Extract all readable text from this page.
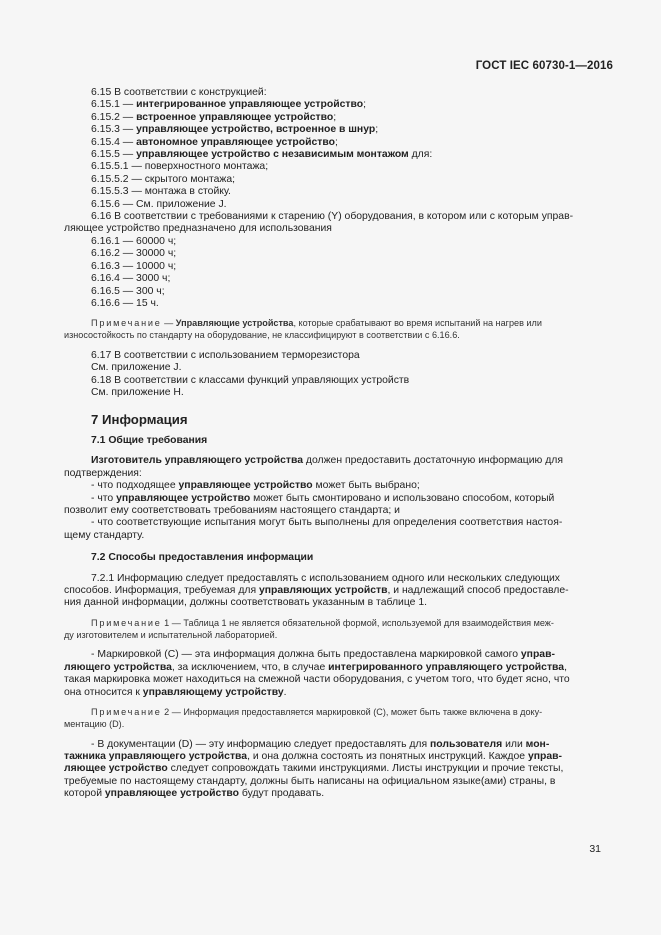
ГОСТ IEC 60730-1—2016
6.15 В соответствии с конструкцией:
6.15.1 — интегрированное управляющее устройство;
6.15.2 — встроенное управляющее устройство;
6.15.3 — управляющее устройство, встроенное в шнур;
6.15.4 — автономное управляющее устройство;
6.15.5 — управляющее устройство с независимым монтажом для:
6.15.5.1 — поверхностного монтажа;
6.15.5.2 — скрытого монтажа;
6.15.5.3 — монтажа в стойку.
6.15.6 — См. приложение J.
6.16 В соответствии с требованиями к старению (Y) оборудования, в котором или с которым управ-
ляющее устройство предназначено для использования
6.16.1 — 60000 ч;
6.16.2 — 30000 ч;
6.16.3 — 10000 ч;
6.16.4 — 3000 ч;
6.16.5 — 300 ч;
6.16.6 — 15 ч.
Примечание — Управляющие устройства, которые срабатывают во время испытаний на нагрев или
износостойкость по стандарту на оборудование, не классифицируют в соответствии с 6.16.6.
6.17 В соответствии с использованием терморезистора
См. приложение J.
6.18 В соответствии с классами функций управляющих устройств
См. приложение H.
7 Информация
7.1 Общие требования
Изготовитель управляющего устройства должен предоставить достаточную информацию для
подтверждения:
- что подходящее управляющее устройство может быть выбрано;
- что управляющее устройство может быть смонтировано и использовано способом, который
позволит ему соответствовать требованиям настоящего стандарта; и
- что соответствующие испытания могут быть выполнены для определения соответствия настоя-
щему стандарту.
7.2 Способы предоставления информации
7.2.1 Информацию следует предоставлять с использованием одного или нескольких следующих
способов. Информация, требуемая для управляющих устройств, и надлежащий способ предоставле-
ния данной информации, должны соответствовать указанным в таблице 1.
Примечание 1 — Таблица 1 не является обязательной формой, используемой для взаимодействия меж-
ду изготовителем и испытательной лабораторией.
- Маркировкой (C) — эта информация должна быть предоставлена маркировкой самого управ-
ляющего устройства, за исключением, что, в случае интегрированного управляющего устройства,
такая маркировка может находиться на смежной части оборудования, с учетом того, что будет ясно, что
она относится к управляющему устройству.
Примечание 2 — Информация предоставляется маркировкой (C), может быть также включена в доку-
ментацию (D).
- В документации (D) — эту информацию следует предоставлять для пользователя или мон-
тажника управляющего устройства, и она должна состоять из понятных инструкций. Каждое управ-
ляющее устройство следует сопровождать такими инструкциями. Листы инструкции и прочие тексты,
требуемые по настоящему стандарту, должны быть написаны на официальном языке(ами) страны, в
которой управляющее устройство будут продавать.
31
